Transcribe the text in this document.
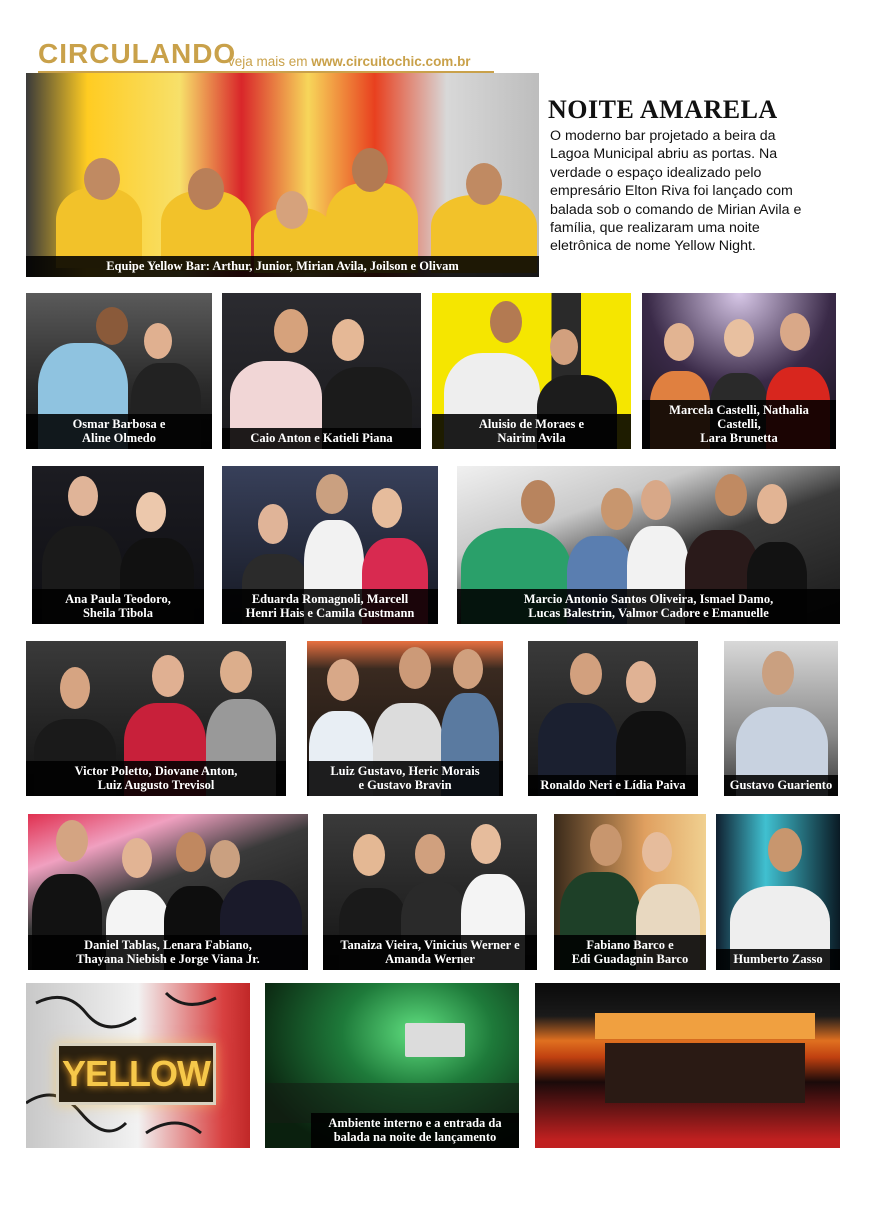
CIRCULANDO
veja mais em www.circuitochic.com.br
NOITE AMARELA
O moderno bar projetado a beira da Lagoa Municipal abriu as portas. Na verdade o espaço idealizado pelo empresário Elton Riva foi lançado com balada sob o comando de Mirian Avila e família, que realizaram uma noite eletrônica de nome Yellow Night.
Equipe Yellow Bar: Arthur, Junior, Mirian Avila, Joilson e Olivam
Osmar Barbosa e
Aline Olmedo	Caio Anton e Katieli Piana
Aluisio de Moraes e
Nairim Avila
Marcela Castelli, Nathalia Castelli,
Lara Brunetta
Ana Paula Teodoro,
Sheila Tibola
Eduarda Romagnoli, Marcell
Henri Hais e Camila Gustmann
Marcio Antonio Santos Oliveira, Ismael Damo,
Lucas Balestrin, Valmor Cadore e Emanuelle
Victor Poletto, Diovane Anton,
Luiz Augusto Trevisol
Luiz Gustavo, Heric Morais
e Gustavo Bravin	Ronaldo Neri e Lídia Paiva	Gustavo Guariento
Daniel Tablas, Lenara Fabiano,
Thayana Niebish e Jorge Viana Jr.
Tanaiza Vieira, Vinicius Werner e
Amanda Werner
Fabiano Barco e
Edi Guadagnin Barco	Humberto Zasso
YELLOW
Ambiente interno e a entrada da
balada na noite de lançamento
